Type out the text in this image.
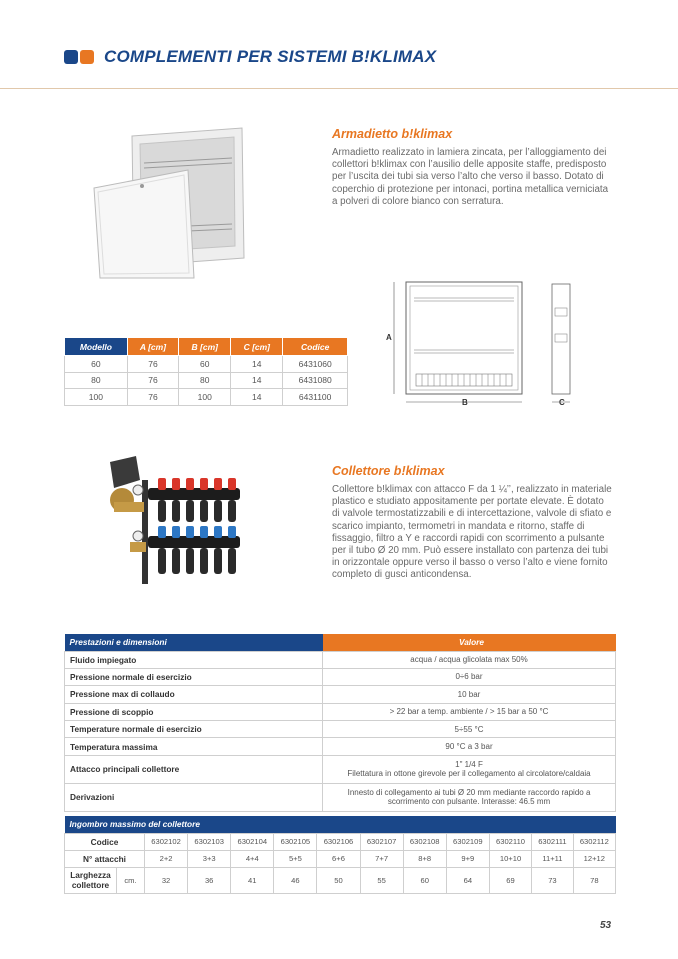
COMPLEMENTI PER SISTEMI B!KLIMAX
Armadietto b!klimax
Armadietto realizzato in lamiera zincata, per l’alloggiamento dei collettori b!klimax con l’ausilio delle apposite staffe, predisposto per l’uscita dei tubi sia verso l’alto che verso il basso. Dotato di coperchio di protezione per intonaci, portina metallica verniciata a polveri di colore bianco con serratura.
Modello	A [cm]	B [cm]	C [cm]	Codice
60	76	60	14	6431060
80	76	80	14	6431080
100	76	100	14	6431100
A
B	C
Collettore b!klimax
Collettore b!klimax con attacco F da 1 ¼’’, realizzato in materiale plastico e studiato appositamente per portate elevate. È dotato di valvole termostatizzabili e di intercettazione, valvole di sfiato e scarico impianto, termometri in mandata e ritorno, staffe di fissaggio, filtro a Y e raccordi rapidi con scorrimento a pulsante per il tubo Ø 20 mm. Può essere installato con partenza dei tubi in orizzontale oppure verso il basso o verso l’alto e viene fornito completo di gusci anticondensa.
Prestazioni e dimensioni	Valore
Fluido impiegato	acqua / acqua glicolata max 50%
Pressione normale di esercizio	0÷6 bar
Pressione max di collaudo	10 bar
Pressione di scoppio	> 22 bar a temp. ambiente / > 15 bar a 50 °C
Temperature normale di esercizio	5÷55 °C
Temperatura massima	90 °C a 3 bar
Attacco principali collettore	1" 1/4 F
Filettatura in ottone girevole per il collegamento al circolatore/caldaia

Derivazioni	Innesto di collegamento ai tubi Ø 20 mm mediante raccordo rapido a
scorrimento con pulsante. Interasse: 46.5 mm
Ingombro massimo del collettore												
Codice		6302102	6302103	6302104	6302105	6302106	6302107	6302108	6302109	6302110	6302111	6302112
N° attacchi		2+2	3+3	4+4	5+5	6+6	7+7	8+8	9+9	10+10	11+11	12+12
Larghezza collettore	cm.	32	36	41	46	50	55	60	64	69	73	78
53
